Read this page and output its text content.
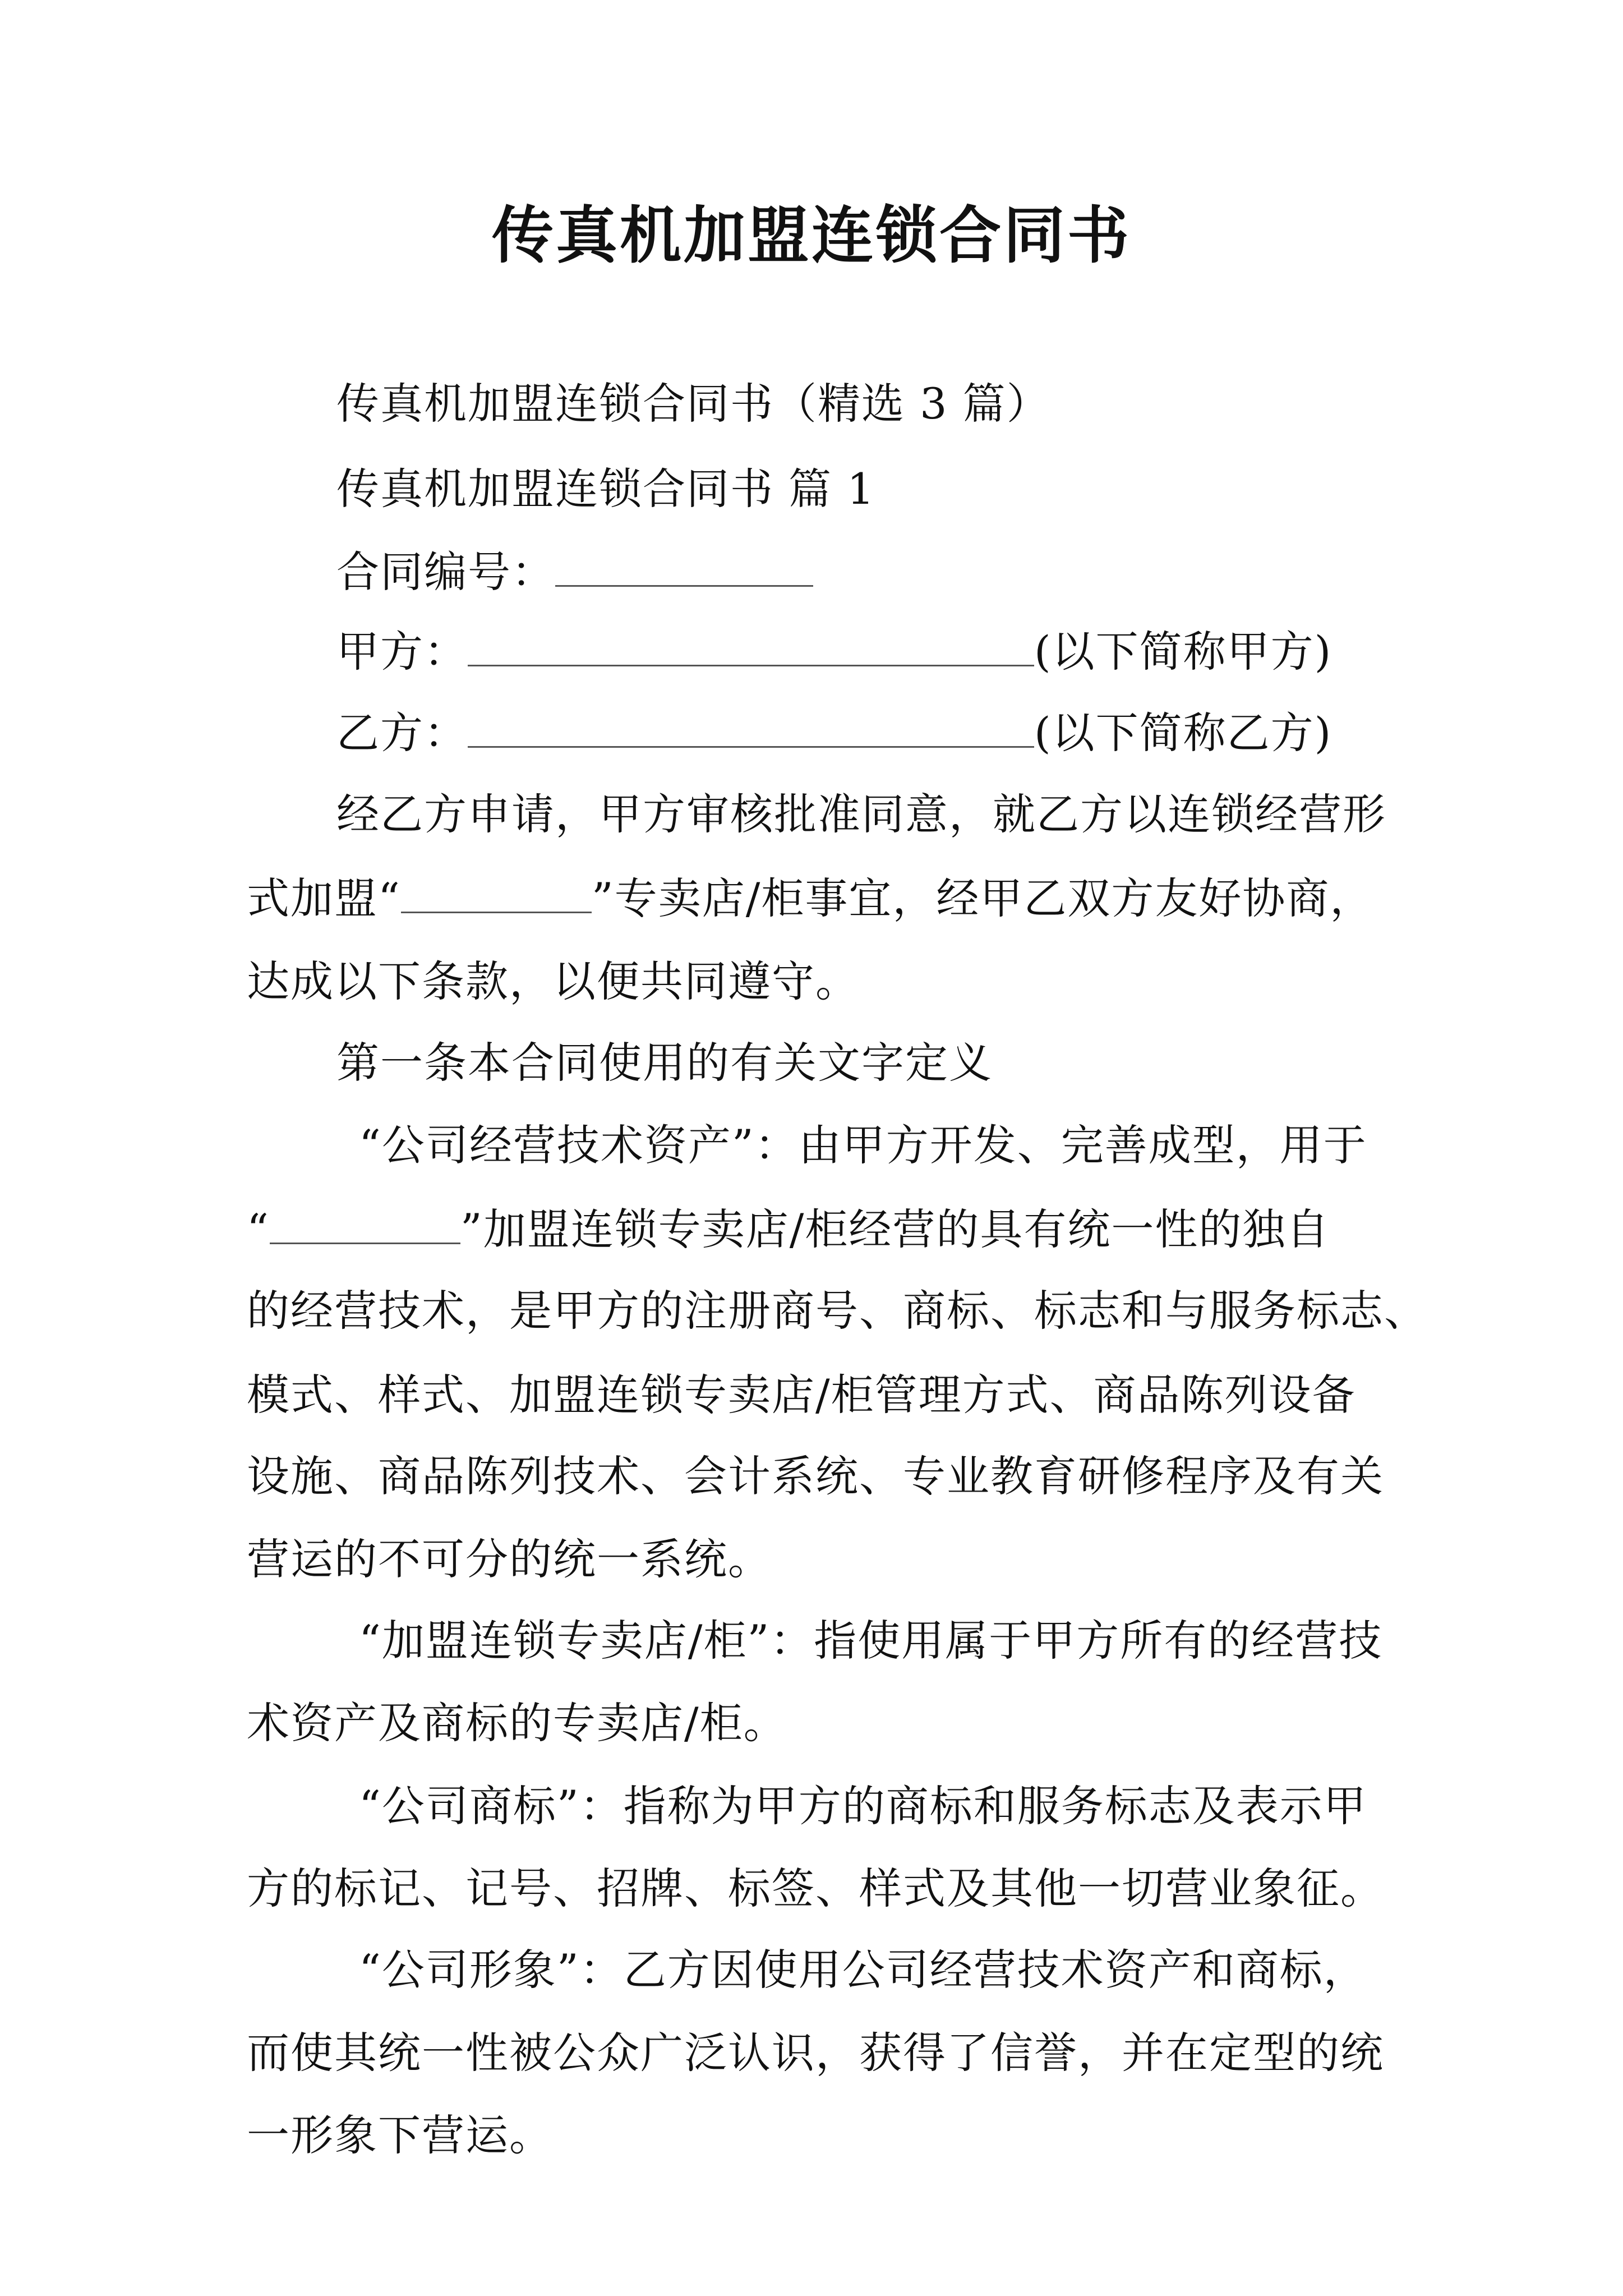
传真机加盟连锁合同书
传真机加盟连锁合同书（精选 3 篇）
传真机加盟连锁合同书 篇 1
合同编号：
甲方：	(以下简称甲方)
乙方：	(以下简称乙方)
经乙方申请，甲方审核批准同意，就乙方以连锁经营形
式加盟“	”专卖店/柜事宜，经甲乙双方友好协商，
达成以下条款，以便共同遵守。
第一条本合同使用的有关文字定义
“公司经营技术资产”：由甲方开发、完善成型，用于
“	”加盟连锁专卖店/柜经营的具有统一性的独自
的经营技术，是甲方的注册商号、商标、标志和与服务标志、
模式、样式、加盟连锁专卖店/柜管理方式、商品陈列设备
设施、商品陈列技术、会计系统、专业教育研修程序及有关
营运的不可分的统一系统。
“加盟连锁专卖店/柜”：指使用属于甲方所有的经营技
术资产及商标的专卖店/柜。
“公司商标”：指称为甲方的商标和服务标志及表示甲
方的标记、记号、招牌、标签、样式及其他一切营业象征。
“公司形象”：乙方因使用公司经营技术资产和商标，
而使其统一性被公众广泛认识，获得了信誉，并在定型的统
一形象下营运。
